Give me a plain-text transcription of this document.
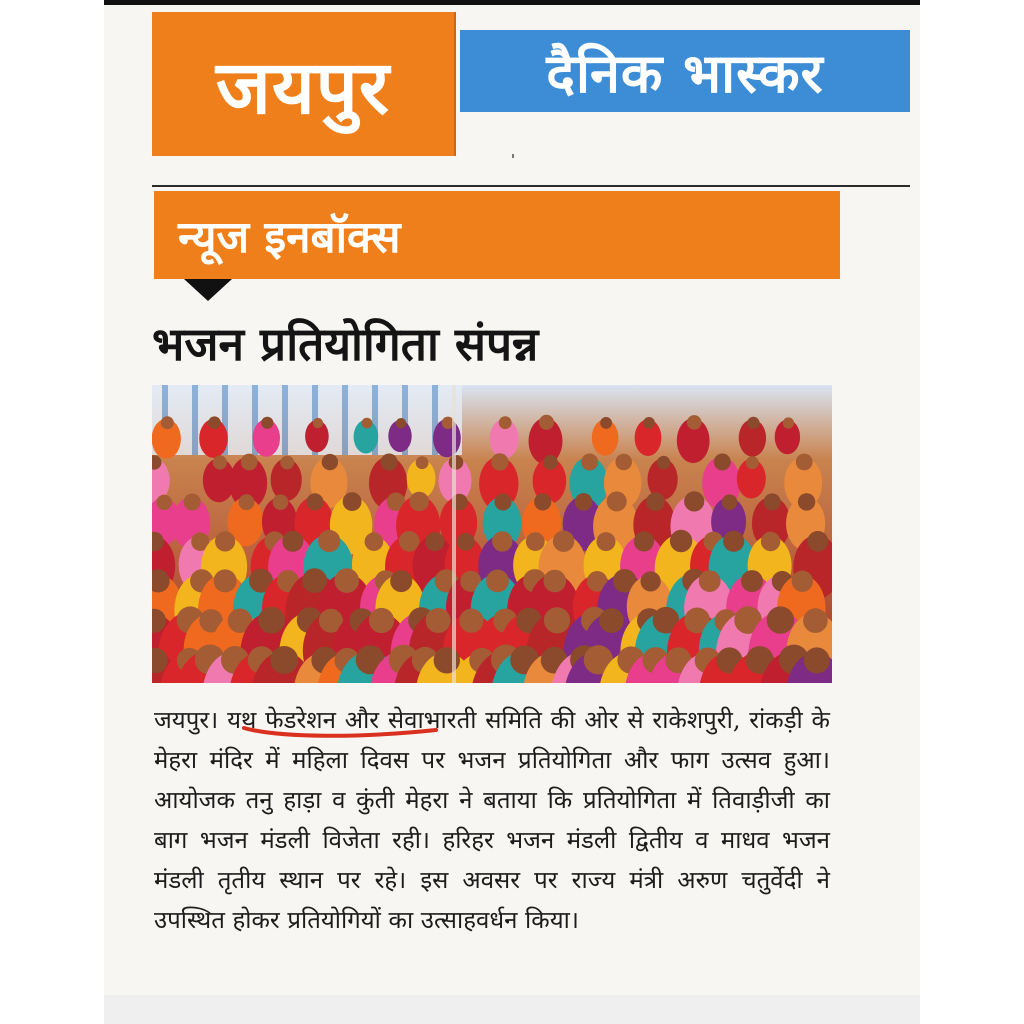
जयपुर	दैनिक भास्कर
न्यूज इनबॉक्स
भजन प्रतियोगिता संपन्न

जयपुर। यथ फेडरेशन और सेवाभारती समिति की ओर से राकेशपुरी, रांकड़ी के मेहरा मंदिर में महिला दिवस पर भजन प्रतियोगिता और फाग उत्सव हुआ। आयोजक तनु हाड़ा व कुंती मेहरा ने बताया कि प्रतियोगिता में तिवाड़ीजी का बाग भजन मंडली विजेता रही। हरिहर भजन मंडली द्वितीय व माधव भजन मंडली तृतीय स्थान पर रहे। इस अवसर पर राज्य मंत्री अरुण चतुर्वेदी ने उपस्थित होकर प्रतियोगियों का उत्साहवर्धन किया।
